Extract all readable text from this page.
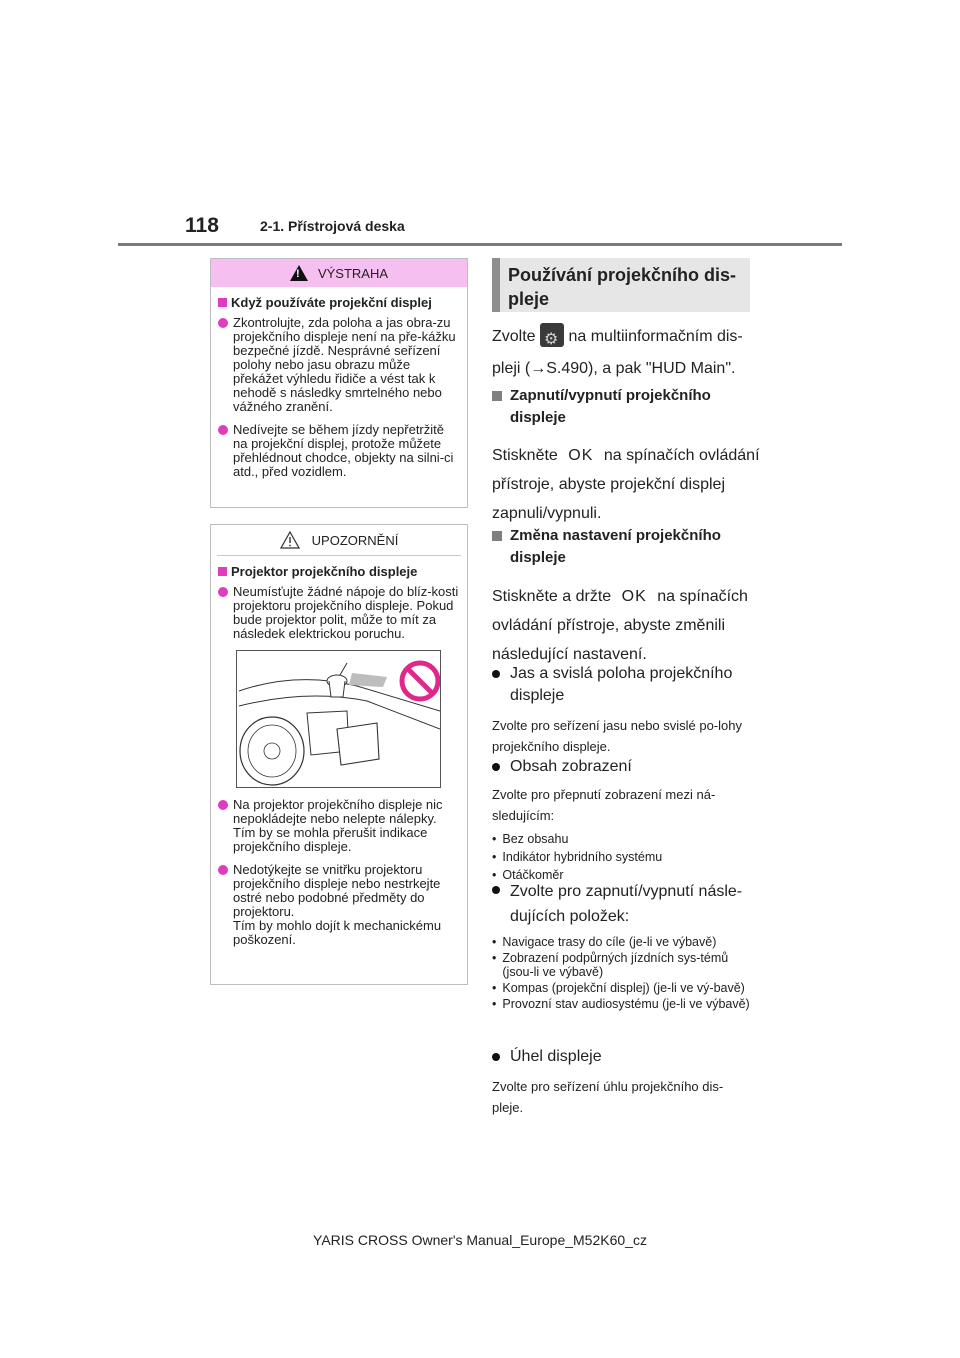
118	2-1. Přístrojová deska
!
VÝSTRAHA
Když používáte projekční displej
Zkontrolujte, zda poloha a jas obra-zu projekčního displeje není na pře-kážku bezpečné jízdě. Nesprávné seřízení polohy nebo jasu obrazu může překážet výhledu řidiče a vést tak k nehodě s následky smrtelného nebo vážného zranění.
Nedívejte se během jízdy nepřetržitě na projekční displej, protože můžete přehlédnout chodce, objekty na silni-ci atd., před vozidlem.
UPOZORNĚNÍ
Projektor projekčního displeje
Neumísťujte žádné nápoje do blíz-kosti projektoru projekčního displeje. Pokud bude projektor polit, může to mít za následek elektrickou poruchu.
Na projektor projekčního displeje nic nepokládejte nebo nelepte nálepky. Tím by se mohla přerušit indikace projekčního displeje.
Nedotýkejte se vnitřku projektoru projekčního displeje nebo nestrkejte ostré nebo podobné předměty do projektoru.
Tím by mohlo dojít k mechanickému poškození.
Používání projekčního dis-
pleje
Zvolte ⚙ na multiinformačním dis-
pleji (→S.490), a pak "HUD Main".
Zapnutí/vypnutí projekčního displeje
Stiskněte OK na spínačích ovládání
přístroje, abyste projekční displej
zapnuli/vypnuli.
Změna nastavení projekčního displeje
Stiskněte a držte OK na spínačích
ovládání přístroje, abyste změnili
následující nastavení.
Jas a svislá poloha projekčního displeje
Zvolte pro seřízení jasu nebo svislé po-lohy projekčního displeje.
Obsah zobrazení
Zvolte pro přepnutí zobrazení mezi ná-sledujícím:
• Bez obsahu
• Indikátor hybridního systému
• Otáčkoměr
Zvolte pro zapnutí/vypnutí násle-dujících položek:
• Navigace trasy do cíle (je-li ve výbavě)
• Zobrazení podpůrných jízdních sys-témů (jsou-li ve výbavě)
• Kompas (projekční displej) (je-li ve vý-bavě)
• Provozní stav audiosystému (je-li ve výbavě)
Úhel displeje
Zvolte pro seřízení úhlu projekčního dis-pleje.
YARIS CROSS Owner's Manual_Europe_M52K60_cz
